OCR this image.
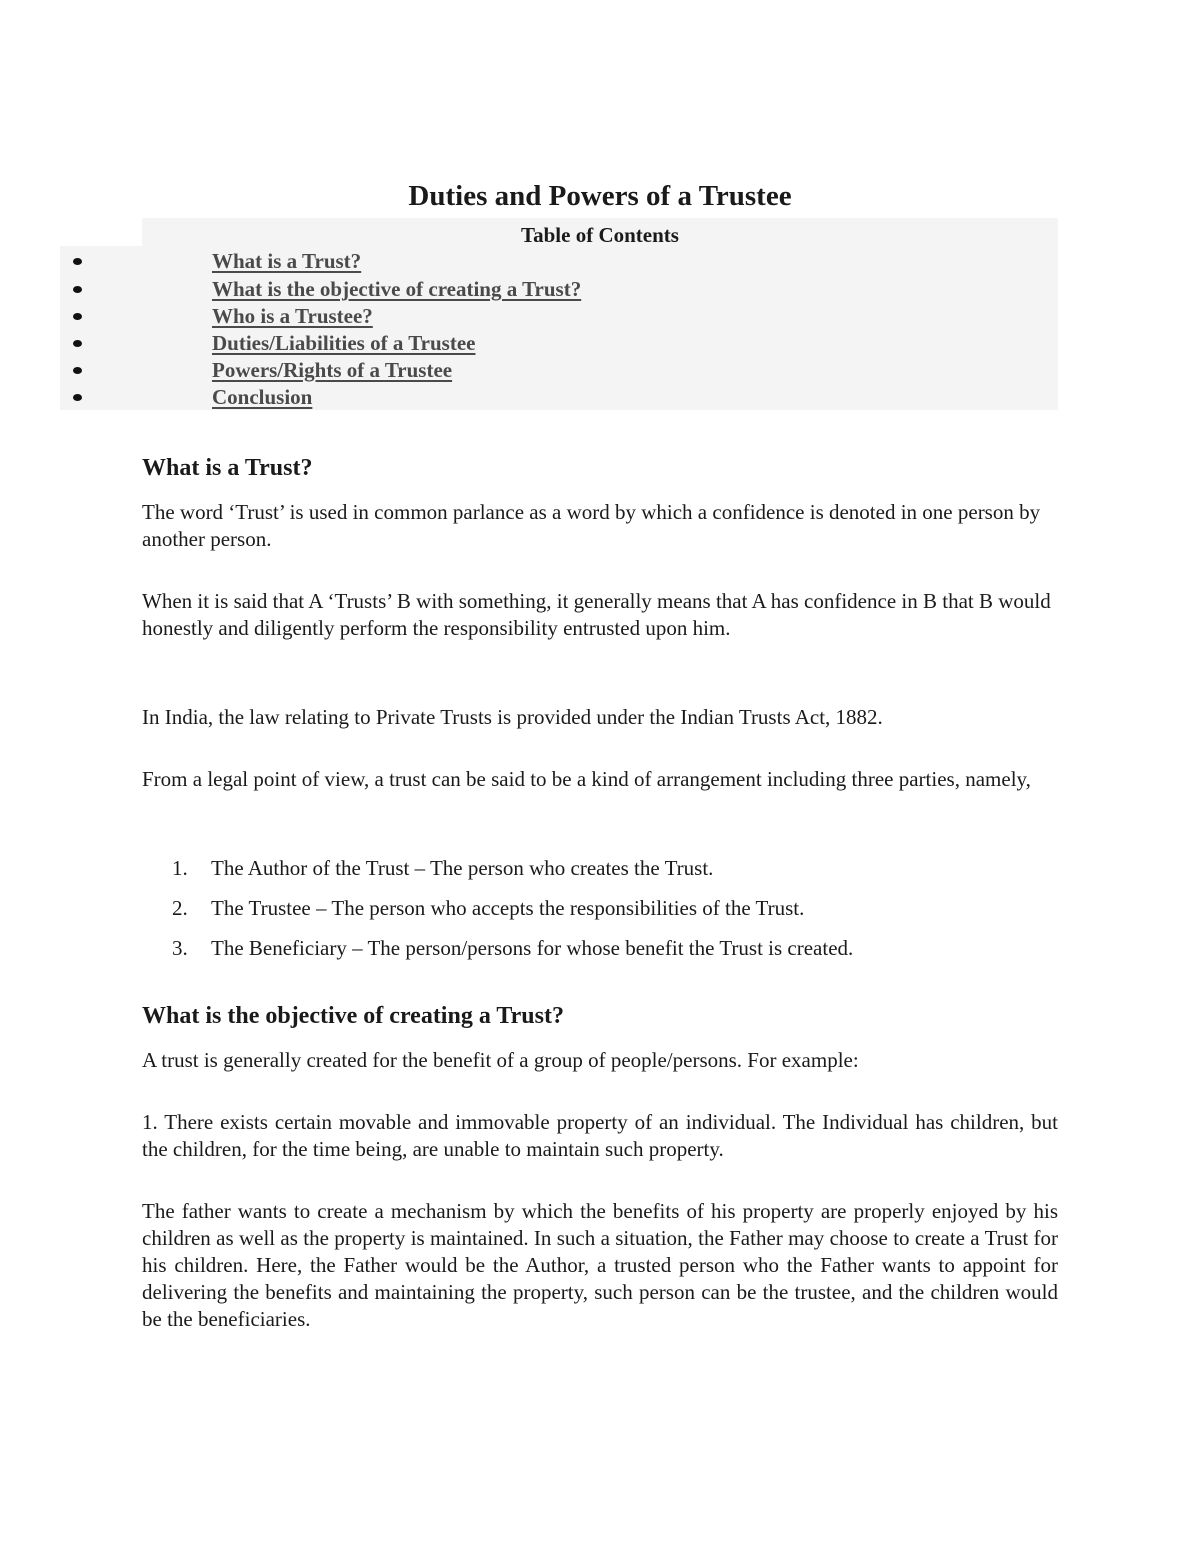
Duties and Powers of a Trustee
Table of Contents
What is a Trust?
What is the objective of creating a Trust?
Who is a Trustee?
Duties/Liabilities of a Trustee
Powers/Rights of a Trustee
Conclusion
What is a Trust?

The word ‘Trust’ is used in common parlance as a word by which a confidence is denoted in one person by another person.

When it is said that A ‘Trusts’ B with something, it generally means that A has confidence in B that B would honestly and diligently perform the responsibility entrusted upon him.

In India, the law relating to Private Trusts is provided under the Indian Trusts Act, 1882.

From a legal point of view, a trust can be said to be a kind of arrangement including three parties, namely,

1. The Author of the Trust – The person who creates the Trust.
2. The Trustee – The person who accepts the responsibilities of the Trust.
3. The Beneficiary – The person/persons for whose benefit the Trust is created.
What is the objective of creating a Trust?

A trust is generally created for the benefit of a group of people/persons. For example:

1. There exists certain movable and immovable property of an individual. The Individual has children, but the children, for the time being, are unable to maintain such property.

The father wants to create a mechanism by which the benefits of his property are properly enjoyed by his children as well as the property is maintained. In such a situation, the Father may choose to create a Trust for his children. Here, the Father would be the Author, a trusted person who the Father wants to appoint for delivering the benefits and maintaining the property, such person can be the trustee, and the children would be the beneficiaries.
